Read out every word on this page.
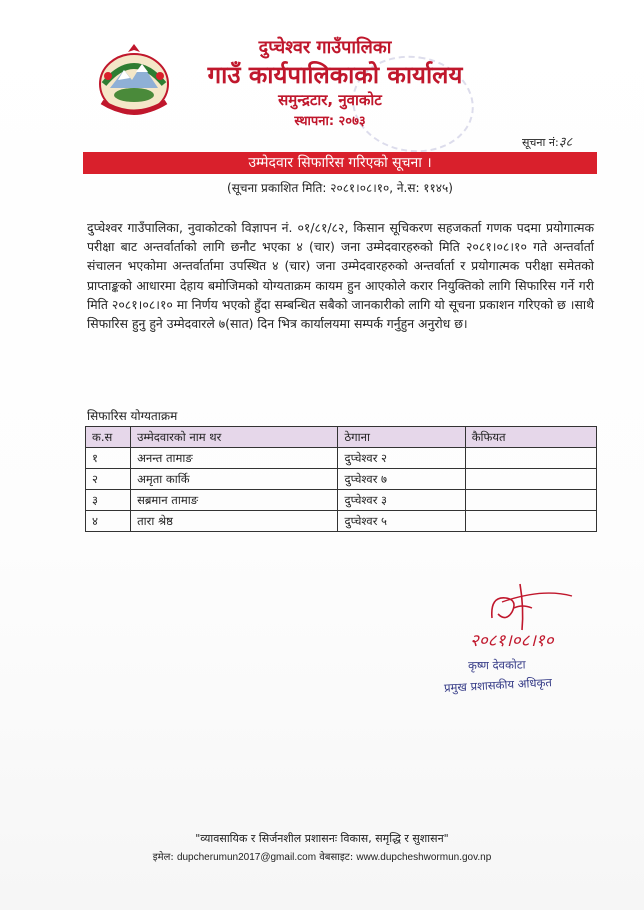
दुप्चेश्वर गाउँपालिका
गाउँ कार्यपालिकाको कार्यालय
समुन्द्रटार, नुवाकोट
स्थापना: २०७३
सूचना नं:३८
उम्मेदवार सिफारिस गरिएको सूचना ।
(सूचना प्रकाशित मिति: २०८१।०८।१०, ने.स: ११४५)
दुप्चेश्वर गाउँपालिका, नुवाकोटको विज्ञापन नं. ०१/८१/८२, किसान सूचिकरण सहजकर्ता गणक पदमा प्रयोगात्मक परीक्षा बाट अन्तर्वार्ताको लागि छनौट भएका ४ (चार) जना उम्मेदवारहरुको मिति २०८१।०८।१० गते अन्तर्वार्ता संचालन भएकोमा अन्तर्वार्तामा उपस्थित ४ (चार) जना उम्मेदवारहरुको अन्तर्वार्ता र प्रयोगात्मक परीक्षा समेतको प्राप्ताङ्कको आधारमा देहाय बमोजिमको योग्यताक्रम कायम हुन आएकोले करार नियुक्तिको लागि सिफारिस गर्ने गरी मिति २०८१।०८।१० मा निर्णय भएको हुँदा सम्बन्धित सबैको जानकारीको लागि यो सूचना प्रकाशन गरिएको छ ।साथै सिफारिस हुनु हुने उम्मेदवारले ७(सात) दिन भित्र कार्यालयमा सम्पर्क गर्नुहुन अनुरोध छ।
सिफारिस योग्यताक्रम
क.स	उम्मेदवारको नाम थर	ठेगाना	कैफियत
१	अनन्त तामाङ	दुप्चेश्वर २	
२	अमृता कार्कि	दुप्चेश्वर ७	
३	सब्रमान तामाङ	दुप्चेश्वर ३	
४	तारा श्रेष्ठ	दुप्चेश्वर ५	
२०८१।०८।१०
कृष्ण देवकोटा
प्रमुख प्रशासकीय अधिकृत
"व्यावसायिक र सिर्जनशील प्रशासनः विकास, समृद्धि र सुशासन"
इमेल: dupcherumun2017@gmail.com वेबसाइट: www.dupcheshwormun.gov.np
